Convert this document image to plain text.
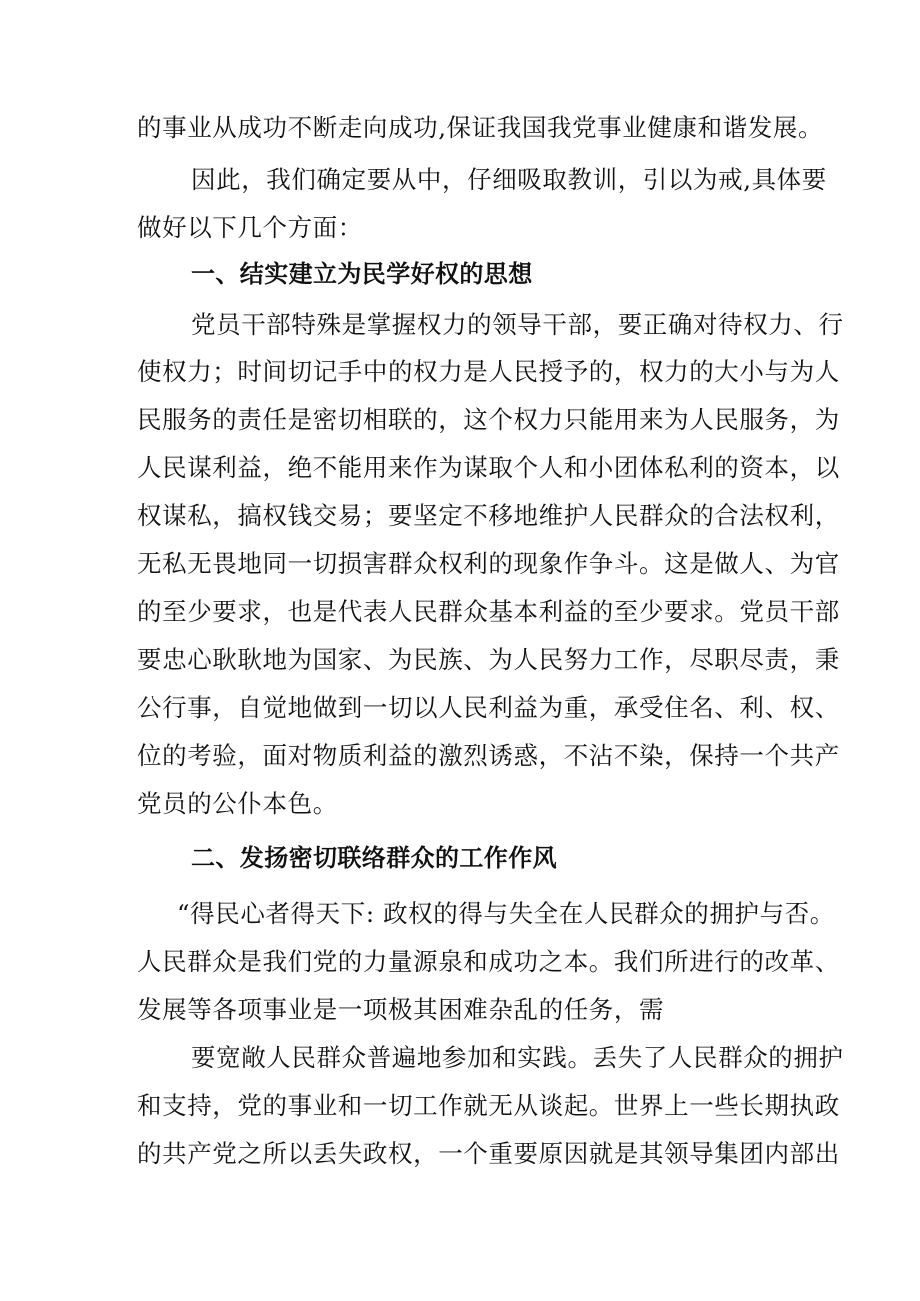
的事业从成功不断走向成功,保证我国我党事业健康和谐发展。
因此，我们确定要从中，仔细吸取教训，引以为戒,具体要
做好以下几个方面：
一、结实建立为民学好权的思想
党员干部特殊是掌握权力的领导干部，要正确对待权力、行
使权力；时间切记手中的权力是人民授予的，权力的大小与为人
民服务的责任是密切相联的，这个权力只能用来为人民服务，为
人民谋利益，绝不能用来作为谋取个人和小团体私利的资本，以
权谋私，搞权钱交易；要坚定不移地维护人民群众的合法权利，
无私无畏地同一切损害群众权利的现象作争斗。这是做人、为官
的至少要求，也是代表人民群众基本利益的至少要求。党员干部
要忠心耿耿地为国家、为民族、为人民努力工作，尽职尽责，秉
公行事，自觉地做到一切以人民利益为重，承受住名、利、权、
位的考验，面对物质利益的激烈诱惑，不沾不染，保持一个共产
党员的公仆本色。
二、发扬密切联络群众的工作作风
“得民心者得天下: 政权的得与失全在人民群众的拥护与否。
人民群众是我们党的力量源泉和成功之本。我们所进行的改革、
发展等各项事业是一项极其困难杂乱的任务，需
要宽敞人民群众普遍地参加和实践。丢失了人民群众的拥护
和支持，党的事业和一切工作就无从谈起。世界上一些长期执政
的共产党之所以丢失政权，一个重要原因就是其领导集团内部出
